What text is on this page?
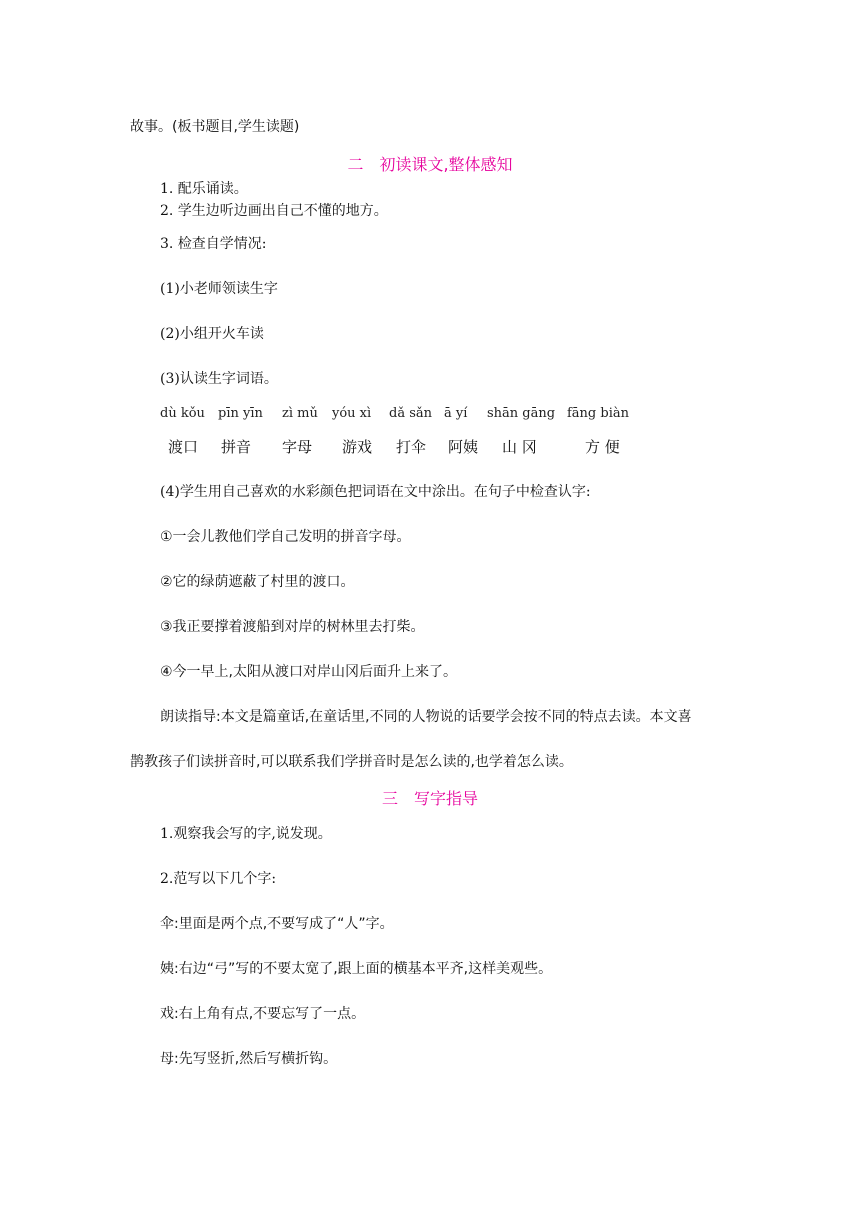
故事。(板书题目,学生读题)
二　初读课文,整体感知
1. 配乐诵读。
2. 学生边听边画出自己不懂的地方。
3. 检查自学情况:
(1)小老师领读生字
(2)小组开火车读
(3)认读生字词语。
dù kǒu pīn yīn zì mǔ yóu xì dǎ sǎn ā yí shān gāng fāng biàn
渡口 拼音 字母 游戏 打伞 阿姨 山 冈	方 便
(4)学生用自己喜欢的水彩颜色把词语在文中涂出。在句子中检查认字:
①一会儿教他们学自己发明的拼音字母。
②它的绿荫遮蔽了村里的渡口。
③我正要撑着渡船到对岸的树林里去打柴。
④今一早上,太阳从渡口对岸山冈后面升上来了。
朗读指导:本文是篇童话,在童话里,不同的人物说的话要学会按不同的特点去读。本文喜
鹊教孩子们读拼音时,可以联系我们学拼音时是怎么读的,也学着怎么读。
三　写字指导
1.观察我会写的字,说发现。
2.范写以下几个字:
伞:里面是两个点,不要写成了“人”字。
姨:右边“弓”写的不要太宽了,跟上面的横基本平齐,这样美观些。
戏:右上角有点,不要忘写了一点。
母:先写竖折,然后写横折钩。
